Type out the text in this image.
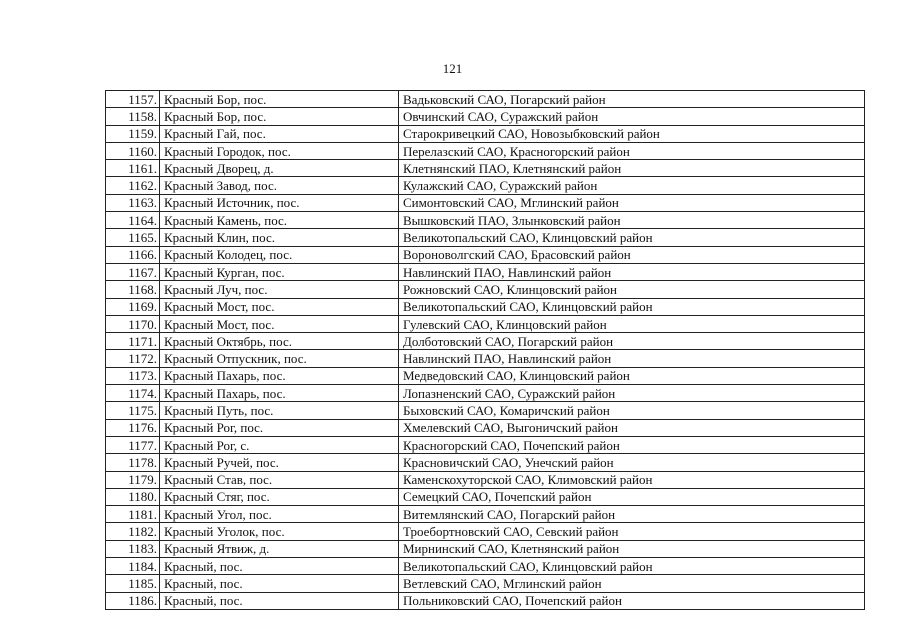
121
1157.	Красный Бор, пос.	Вадьковский САО, Погарский район
1158.	Красный Бор, пос.	Овчинский САО, Суражский район
1159.	Красный Гай, пос.	Старокривецкий САО, Новозыбковский район
1160.	Красный Городок, пос.	Перелазский САО, Красногорский район
1161.	Красный Дворец, д.	Клетнянский ПАО, Клетнянский район
1162.	Красный Завод, пос.	Кулажский САО, Суражский район
1163.	Красный Источник, пос.	Симонтовский САО, Мглинский район
1164.	Красный Камень, пос.	Вышковский ПАО, Злынковский район
1165.	Красный Клин, пос.	Великотопальский САО, Клинцовский район
1166.	Красный Колодец, пос.	Вороноволгский САО, Брасовский район
1167.	Красный Курган, пос.	Навлинский ПАО, Навлинский район
1168.	Красный Луч, пос.	Рожновский САО, Клинцовский район
1169.	Красный Мост, пос.	Великотопальский САО, Клинцовский район
1170.	Красный Мост, пос.	Гулевский САО, Клинцовский район
1171.	Красный Октябрь, пос.	Долботовский САО, Погарский район
1172.	Красный Отпускник, пос.	Навлинский ПАО, Навлинский район
1173.	Красный Пахарь, пос.	Медведовский САО, Клинцовский район
1174.	Красный Пахарь, пос.	Лопазненский САО, Суражский район
1175.	Красный Путь, пос.	Быховский САО, Комаричский район
1176.	Красный Рог, пос.	Хмелевский САО, Выгоничский район
1177.	Красный Рог, с.	Красногорский САО, Почепский район
1178.	Красный Ручей, пос.	Красновичский САО, Унечский район
1179.	Красный Став, пос.	Каменскохуторской САО, Климовский район
1180.	Красный Стяг, пос.	Семецкий САО, Почепский район
1181.	Красный Угол, пос.	Витемлянский САО, Погарский район
1182.	Красный Уголок, пос.	Троебортновский САО, Севский район
1183.	Красный Ятвиж, д.	Мирнинский САО, Клетнянский район
1184.	Красный, пос.	Великотопальский САО, Клинцовский район
1185.	Красный, пос.	Ветлевский САО, Мглинский район
1186.	Красный, пос.	Польниковский САО, Почепский район
